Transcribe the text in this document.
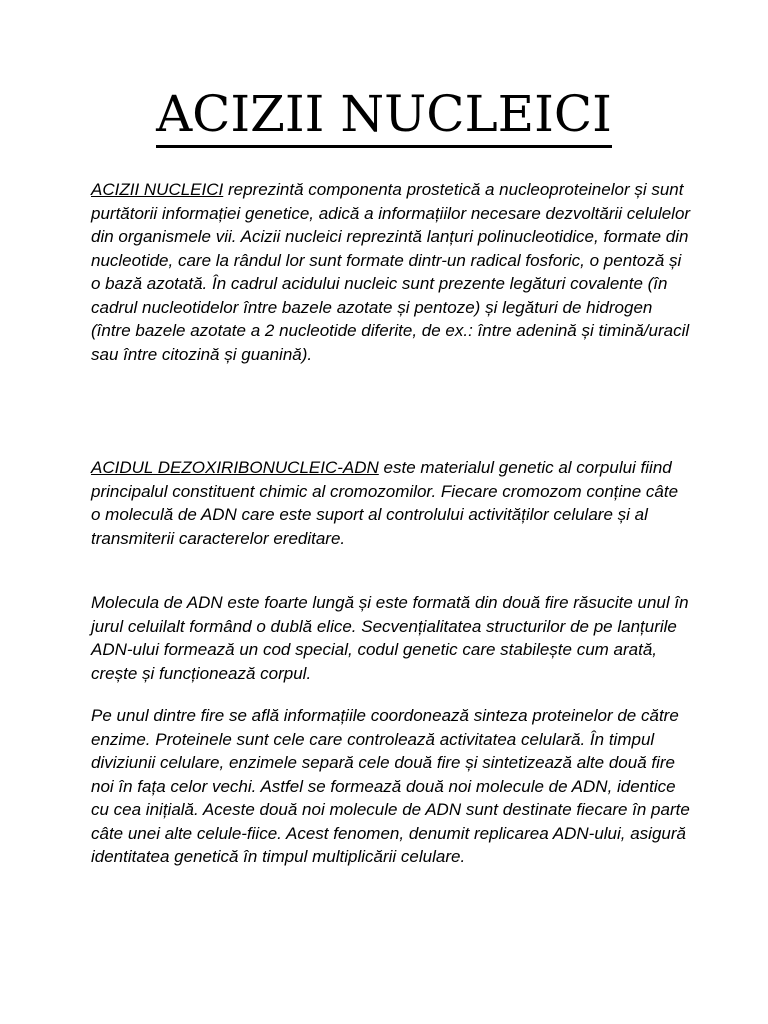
ACIZII NUCLEICI

ACIZII NUCLEICI reprezintă componenta prostetică a nucleoproteinelor și sunt purtătorii informației genetice, adică a informațiilor necesare dezvoltării celulelor din organismele vii. Acizii nucleici reprezintă lanțuri polinucleotidice, formate din nucleotide, care la rândul lor sunt formate dintr-un radical fosforic, o pentoză și o bază azotată. În cadrul acidului nucleic sunt prezente legături covalente (în cadrul nucleotidelor între bazele azotate și pentoze) și legături de hidrogen (între bazele azotate a 2 nucleotide diferite, de ex.: între adenină și timină/uracil sau între citozină și guanină).

ACIDUL DEZOXIRIBONUCLEIC-ADN este materialul genetic al corpului fiind principalul constituent chimic al cromozomilor. Fiecare cromozom conține câte o moleculă de ADN care este suport al controlului activităților celulare și al transmiterii caracterelor ereditare.

Molecula de ADN este foarte lungă și este formată din două fire răsucite unul în jurul celuilalt formând o dublă elice. Secvențialitatea structurilor de pe lanțurile ADN-ului formează un cod special, codul genetic care stabilește cum arată, crește și funcționează corpul.

Pe unul dintre fire se află informațiile coordonează sinteza proteinelor de către enzime. Proteinele sunt cele care controlează activitatea celulară. În timpul diviziunii celulare, enzimele separă cele două fire și sintetizează alte două fire noi în fața celor vechi. Astfel se formează două noi molecule de ADN, identice cu cea inițială. Aceste două noi molecule de ADN sunt destinate fiecare în parte câte unei alte celule-fiice. Acest fenomen, denumit replicarea ADN-ului, asigură identitatea genetică în timpul multiplicării celulare.
